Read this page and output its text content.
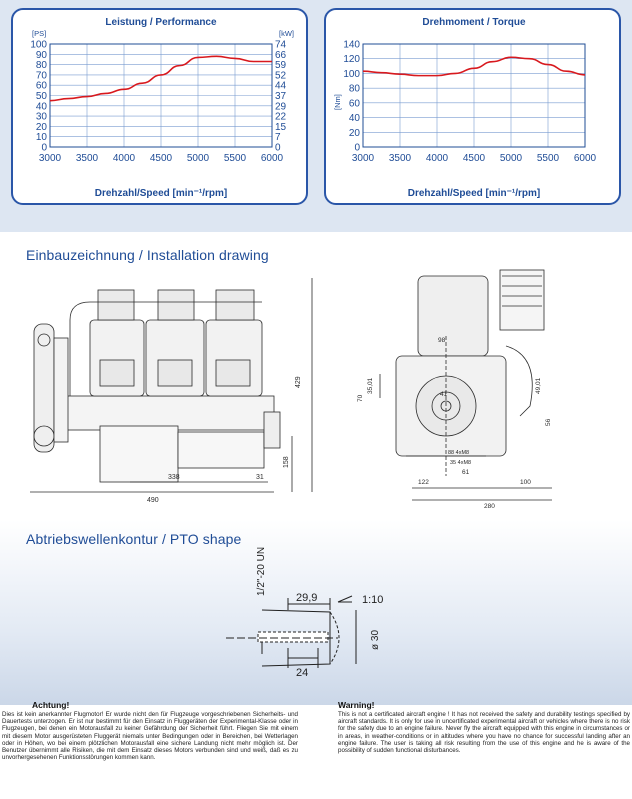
Leistung / Performance
[PS]	[kW]
Drehzahl/Speed [min⁻¹/rpm]
100
90
80
70
60
50
40
30
20
10
0
74
66
59
52
44
37
29
22
15
7
0
3000 3500 4000 4500 5000 5500 6000
Drehmoment / Torque
[Nm]
Drehzahl/Speed [min⁻¹/rpm]
140
120
100
80
60
40
20
0
3000 3500 4000 4500 5000 5500 6000
Einbauzeichnung / Installation drawing
490
338	31
429
158
98
35,01
70
41
122
61
88 4xM8
35 4xM8
100
280
49,01
56
Abtriebswellenkontur / PTO shape
1/2"-20 UN
29,9	1:10
ø 30
24
Achtung!

Dies ist kein anerkannter Flugmotor! Er wurde nicht den für Flugzeuge vorgeschriebenen Sicherheits- und Dauertests unterzogen. Er ist nur bestimmt für den Einsatz in Fluggeräten der Experimental-Klasse oder in Flugzeugen, bei denen ein Motorausfall zu keiner Gefährdung der Sicherheit führt. Fliegen Sie mit einem mit diesem Motor ausgerüsteten Fluggerät niemals unter Bedingungen oder in Bereichen, bei Wetterlagen oder in Höhen, wo bei einem plötzlichen Motorausfall eine sichere Landung nicht mehr möglich ist. Der Benutzer übernimmt alle Risiken, die mit dem Einsatz dieses Motors verbunden sind und weiß, daß es zu unvorhergesehenen Funktionsstörungen kommen kann.

Warning!

This is not a certificated aircraft engine ! It has not received the safety and durability testings specified by aircraft standards. It is only for use in uncertificated experimental aircraft or vehicles where there is no risk for the safety due to an engine failure. Never fly the aircraft equipped with this engine in circumstances or in areas, in weather-conditions or in altitudes where you have no chance for successful landing after an engine failure. The user is taking all risk resulting from the use of this engine and he is aware of the possibility of sudden functional disturbances.
